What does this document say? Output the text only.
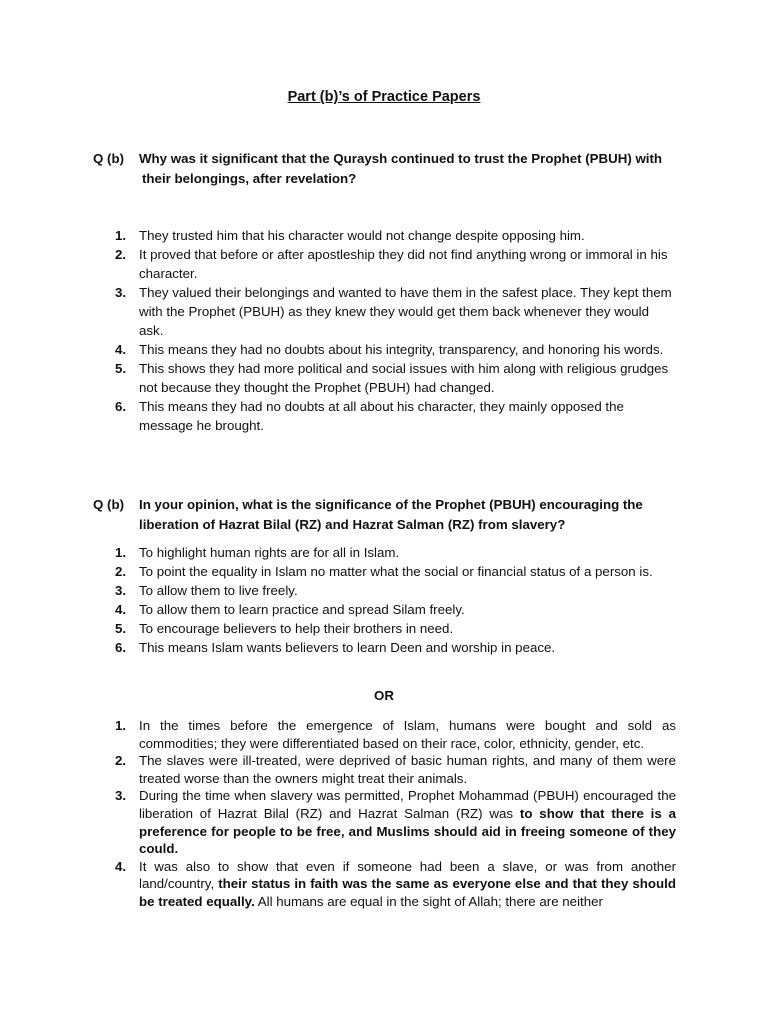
Part (b)’s of Practice Papers
Q (b) Why was it significant that the Quraysh continued to trust the Prophet (PBUH) with
their belongings, after revelation?
1. They trusted him that his character would not change despite opposing him.
2. It proved that before or after apostleship they did not find anything wrong or immoral in his character.
3. They valued their belongings and wanted to have them in the safest place. They kept them with the Prophet (PBUH) as they knew they would get them back whenever they would ask.
4. This means they had no doubts about his integrity, transparency, and honoring his words.
5. This shows they had more political and social issues with him along with religious grudges not because they thought the Prophet (PBUH) had changed.
6. This means they had no doubts at all about his character, they mainly opposed the message he brought.
Q (b) In your opinion, what is the significance of the Prophet (PBUH) encouraging the
liberation of Hazrat Bilal (RZ) and Hazrat Salman (RZ) from slavery?
1. To highlight human rights are for all in Islam.
2. To point the equality in Islam no matter what the social or financial status of a person is.
3. To allow them to live freely.
4. To allow them to learn practice and spread Silam freely.
5. To encourage believers to help their brothers in need.
6. This means Islam wants believers to learn Deen and worship in peace.
OR
1. In the times before the emergence of Islam, humans were bought and sold as commodities; they were differentiated based on their race, color, ethnicity, gender, etc.
2. The slaves were ill-treated, were deprived of basic human rights, and many of them were treated worse than the owners might treat their animals.
3. During the time when slavery was permitted, Prophet Mohammad (PBUH) encouraged the liberation of Hazrat Bilal (RZ) and Hazrat Salman (RZ) was to show that there is a preference for people to be free, and Muslims should aid in freeing someone of they could.
4. It was also to show that even if someone had been a slave, or was from another land/country, their status in faith was the same as everyone else and that they should be treated equally. All humans are equal in the sight of Allah; there are neither
